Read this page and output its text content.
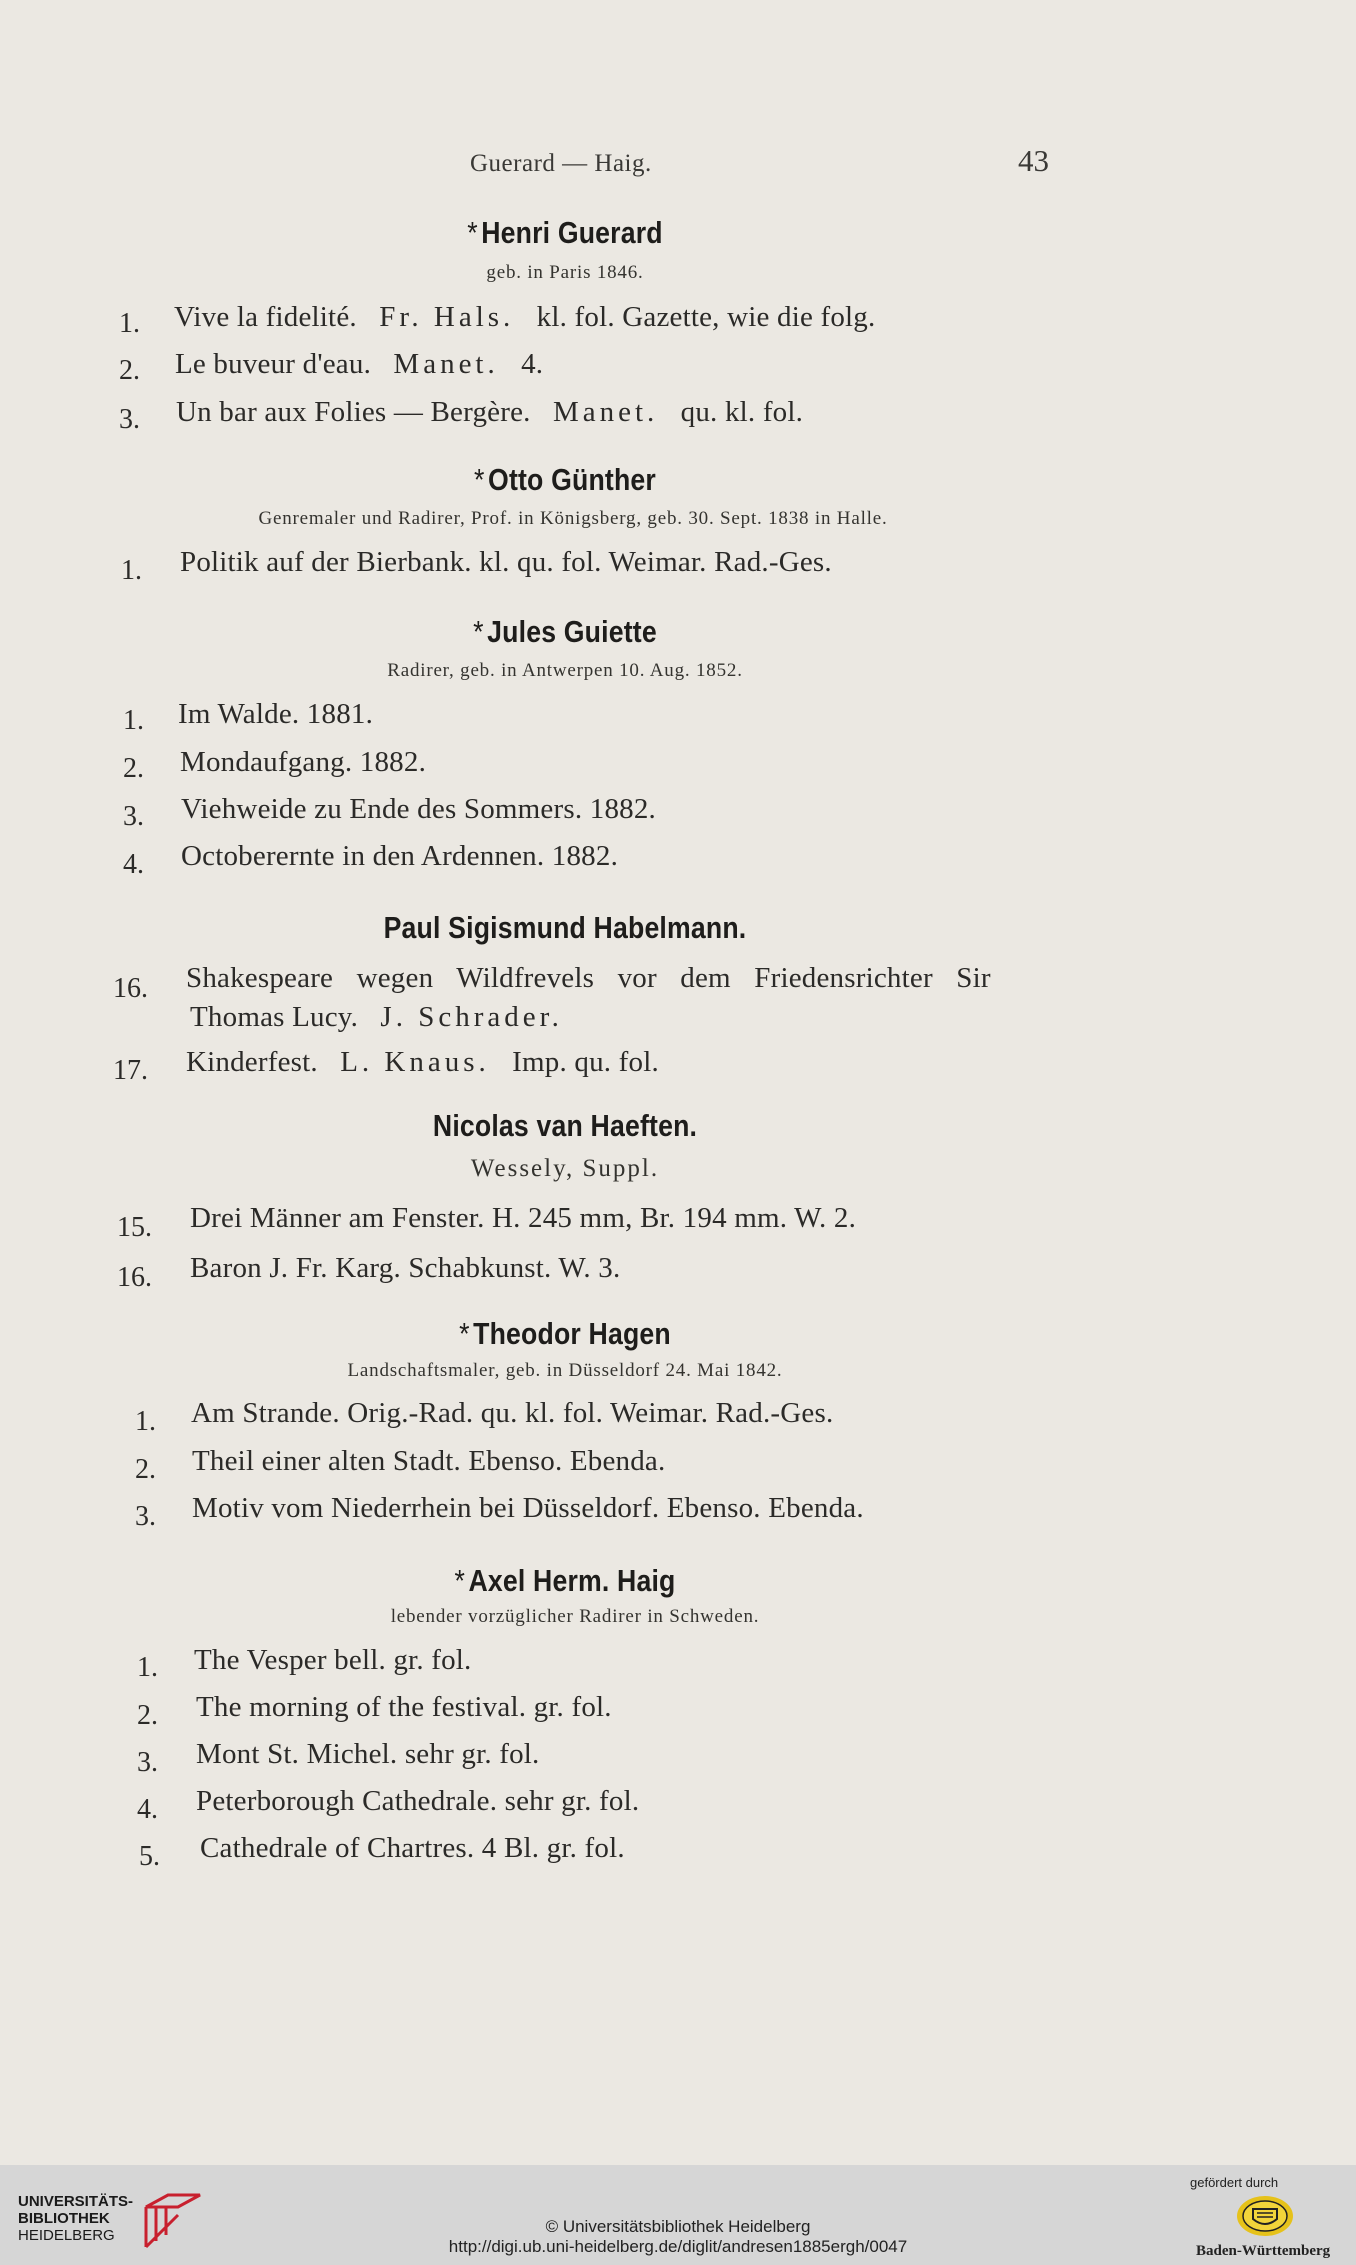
Guerard — Haig.	43
* Henri Guerard
geb. in Paris 1846.
1. Vive la fidelité. Fr. Hals. kl. fol. Gazette, wie die folg.
2. Le buveur d'eau. Manet. 4.
3. Un bar aux Folies — Bergère. Manet. qu. kl. fol.
* Otto Günther
Genremaler und Radirer, Prof. in Königsberg, geb. 30. Sept. 1838 in Halle.
1. Politik auf der Bierbank. kl. qu. fol. Weimar. Rad.-Ges.
* Jules Guiette
Radirer, geb. in Antwerpen 10. Aug. 1852.
1. Im Walde. 1881.
2. Mondaufgang. 1882.
3. Viehweide zu Ende des Sommers. 1882.
4. Octoberernte in den Ardennen. 1882.
Paul Sigismund Habelmann.
16. Shakespeare wegen Wildfrevels vor dem Friedensrichter Sir
Thomas Lucy. J. Schrader.
17. Kinderfest. L. Knaus. Imp. qu. fol.
Nicolas van Haeften.
Wessely, Suppl.
15. Drei Männer am Fenster. H. 245 mm, Br. 194 mm. W. 2.
16. Baron J. Fr. Karg. Schabkunst. W. 3.
* Theodor Hagen
Landschaftsmaler, geb. in Düsseldorf 24. Mai 1842.
1. Am Strande. Orig.-Rad. qu. kl. fol. Weimar. Rad.-Ges.
2. Theil einer alten Stadt. Ebenso. Ebenda.
3. Motiv vom Niederrhein bei Düsseldorf. Ebenso. Ebenda.
* Axel Herm. Haig
lebender vorzüglicher Radirer in Schweden.
1. The Vesper bell. gr. fol.
2. The morning of the festival. gr. fol.
3. Mont St. Michel. sehr gr. fol.
4. Peterborough Cathedrale. sehr gr. fol.
5. Cathedrale of Chartres. 4 Bl. gr. fol.
UNIVERSITÄTS-
BIBLIOTHEK
HEIDELBERG	© Universitätsbibliothek Heidelberg
http://digi.ub.uni-heidelberg.de/diglit/andresen1885ergh/0047
gefördert durch
Baden-Württemberg
